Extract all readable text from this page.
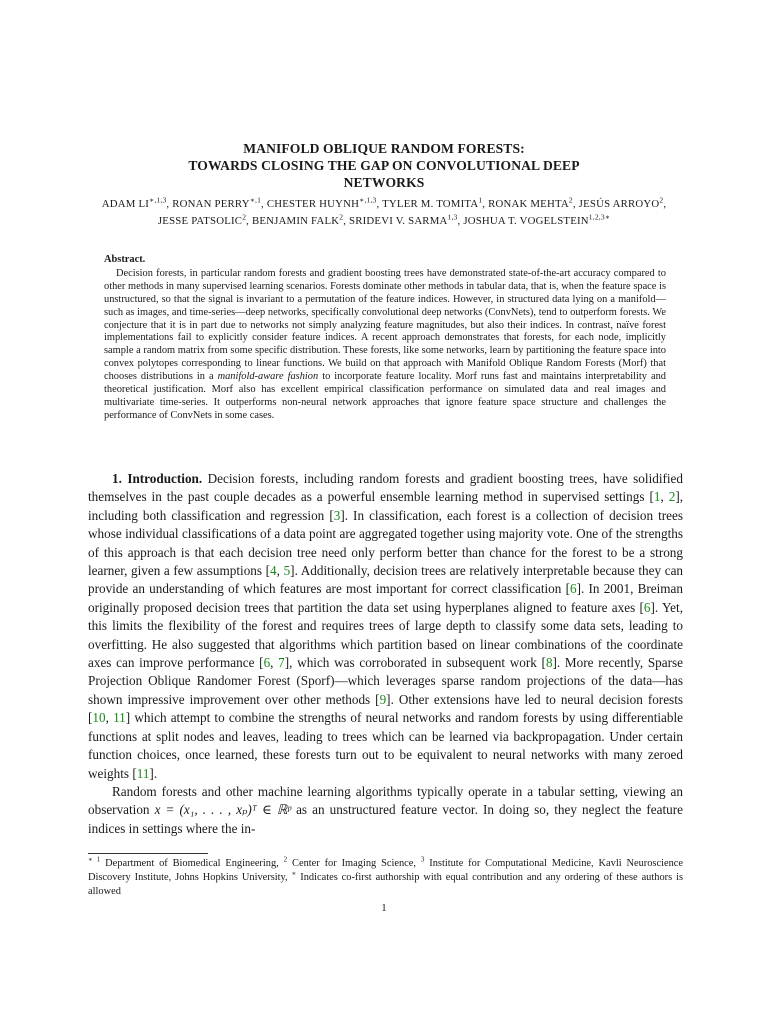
MANIFOLD OBLIQUE RANDOM FORESTS:
TOWARDS CLOSING THE GAP ON CONVOLUTIONAL DEEP
NETWORKS
ADAM $LI^{∗,1,3}$, RONAN $PERRY^{∗,1}$, CHESTER $HUYNH^{∗,1,3}$, TYLER M. TOMITA$^1$, RONAK MEHTA$^2$, JESÚS ARROYO$^2$, JESSE PATSOLIC$^2$, BENJAMIN FALK$^2$, SRIDEVI V. SARMA$^{1,3}$, JOSHUA T. $VOGELSTEIN^{1,2,3∗}$

Abstract.

Decision forests, in particular random forests and gradient boosting trees have demonstrated state-of-the-art accuracy compared to other methods in many supervised learning scenarios. Forests dominate other methods in tabular data, that is, when the feature space is unstructured, so that the signal is invariant to a permutation of the feature indices. However, in structured data lying on a manifold—such as images, and time-series—deep networks, specifically convolutional deep networks (ConvNets), tend to outperform forests. We conjecture that it is in part due to networks not simply analyzing feature magnitudes, but also their indices. In contrast, naïve forest implementations fail to explicitly consider feature indices. A recent approach demonstrates that forests, for each node, implicitly sample a random matrix from some specific distribution. These forests, like some networks, learn by partitioning the feature space into convex polytopes corresponding to linear functions. We build on that approach with Manifold Oblique Random Forests (Morf) that chooses distributions in a manifold-aware fashion to incorporate feature locality. Morf runs fast and maintains interpretability and theoretical justification. Morf also has excellent empirical classification performance on simulated data and real images and multivariate time-series. It outperforms non-neural network approaches that ignore feature space structure and challenges the performance of ConvNets in some cases.

1. Introduction. Decision forests, including random forests and gradient boosting trees, have solidified themselves in the past couple decades as a powerful ensemble learning method in supervised settings [1, 2], including both classification and regression [3]. In classification, each forest is a collection of decision trees whose individual classifications of a data point are aggregated together using majority vote. One of the strengths of this approach is that each decision tree need only perform better than chance for the forest to be a strong learner, given a few assumptions [4, 5]. Additionally, decision trees are relatively interpretable because they can provide an understanding of which features are most important for correct classification [6]. In 2001, Breiman originally proposed decision trees that partition the data set using hyperplanes aligned to feature axes [6]. Yet, this limits the flexibility of the forest and requires trees of large depth to classify some data sets, leading to overfitting. He also suggested that algorithms which partition based on linear combinations of the coordinate axes can improve performance [6, 7], which was corroborated in subsequent work [8]. More recently, Sparse Projection Oblique Randomer Forest (Sporf)—which leverages sparse random projections of the data—has shown impressive improvement over other methods [9]. Other extensions have led to neural decision forests [10, 11] which attempt to combine the strengths of neural networks and random forests by using differentiable functions at split nodes and leaves, leading to trees which can be learned via backpropagation. Under certain function choices, once learned, these forests turn out to be equivalent to neural networks with many zeroed weights [11].

Random forests and other machine learning algorithms typically operate in a tabular setting, viewing an observation x = (x₁, . . . , xₚ)ᵀ ∈ ℝᵖ as an unstructured feature vector. In doing so, they neglect the feature indices in settings where the in-

$^{∗ 1}$ Department of Biomedical Engineering, $^2$ Center for Imaging Science, $^3$ Institute for Computational Medicine, Kavli Neuroscience Discovery Institute, Johns Hopkins University, ∗ Indicates co-first authorship with equal contribution and any ordering of these authors is allowed
1
